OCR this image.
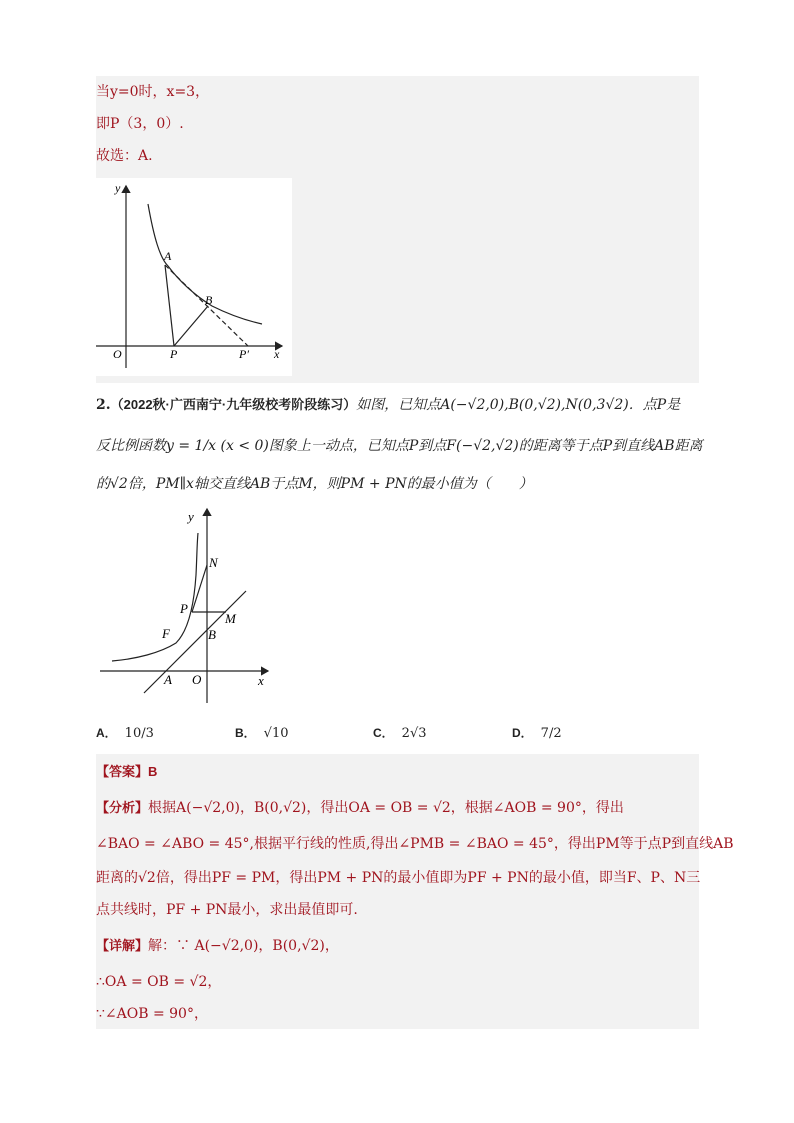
当y=0时，x=3，
即P（3，0）.
故选：A.
y
x
O
A
B
P	P′
2.（2022秋·广西南宁·九年级校考阶段练习）如图，已知点A(−√2,0),B(0,√2),N(0,3√2)．点P是
反比例函数y = 1/x (x < 0)图象上一动点，已知点P到点F(−√2,√2)的距离等于点P到直线AB距离
的√2倍，PM∥x轴交直线AB于点M，则PM + PN的最小值为（　　）
y
x
O
A
B
N
P
M
F
A． 10/3	B． √10	C． 2√3	D． 7/2
【答案】B
【分析】根据A(−√2,0)，B(0,√2)，得出OA = OB = √2，根据∠AOB = 90°，得出
∠BAO = ∠ABO = 45°,根据平行线的性质,得出∠PMB = ∠BAO = 45°，得出PM等于点P到直线AB
距离的√2倍，得出PF = PM，得出PM + PN的最小值即为PF + PN的最小值，即当F、P、N三
点共线时，PF + PN最小，求出最值即可.
【详解】解：∵ A(−√2,0)，B(0,√2)，
∴OA = OB = √2，
∵∠AOB = 90°，
